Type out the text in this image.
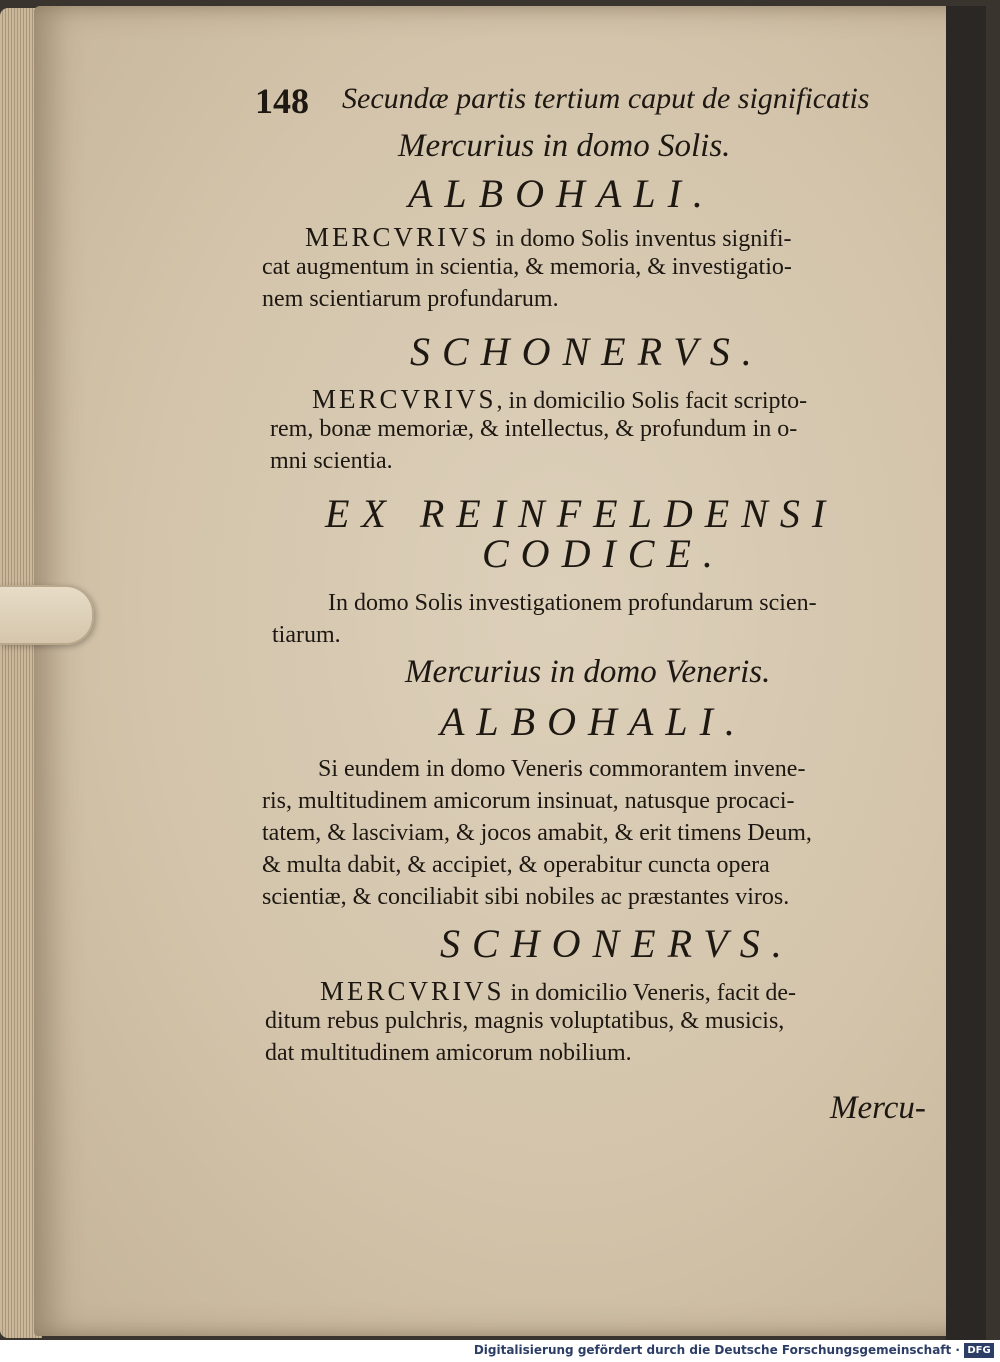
148 Secundæ partis tertium caput de significatis
Mercurius in domo Solis.
ALBOHALI.
MERCVRIVS in domo Solis inventus signifi-
cat augmentum in scientia, & memoria, & investigatio-
nem scientiarum profundarum.
SCHONERVS.
MERCVRIVS, in domicilio Solis facit scripto-
rem, bonæ memoriæ, & intellectus, & profundum in o-
mni scientia.
EX REINFELDENSI
CODICE.
In domo Solis investigationem profundarum scien-
tiarum.
Mercurius in domo Veneris.
ALBOHALI.
Si eundem in domo Veneris commorantem invene-
ris, multitudinem amicorum insinuat, natusque procaci-
tatem, & lasciviam, & jocos amabit, & erit timens Deum,
& multa dabit, & accipiet, & operabitur cuncta opera
scientiæ, & conciliabit sibi nobiles ac præstantes viros.
SCHONERVS.
MERCVRIVS in domicilio Veneris, facit de-
ditum rebus pulchris, magnis voluptatibus, & musicis,
dat multitudinem amicorum nobilium.
Mercu-
Digitalisierung gefördert durch die Deutsche Forschungsgemeinschaft · DFG
